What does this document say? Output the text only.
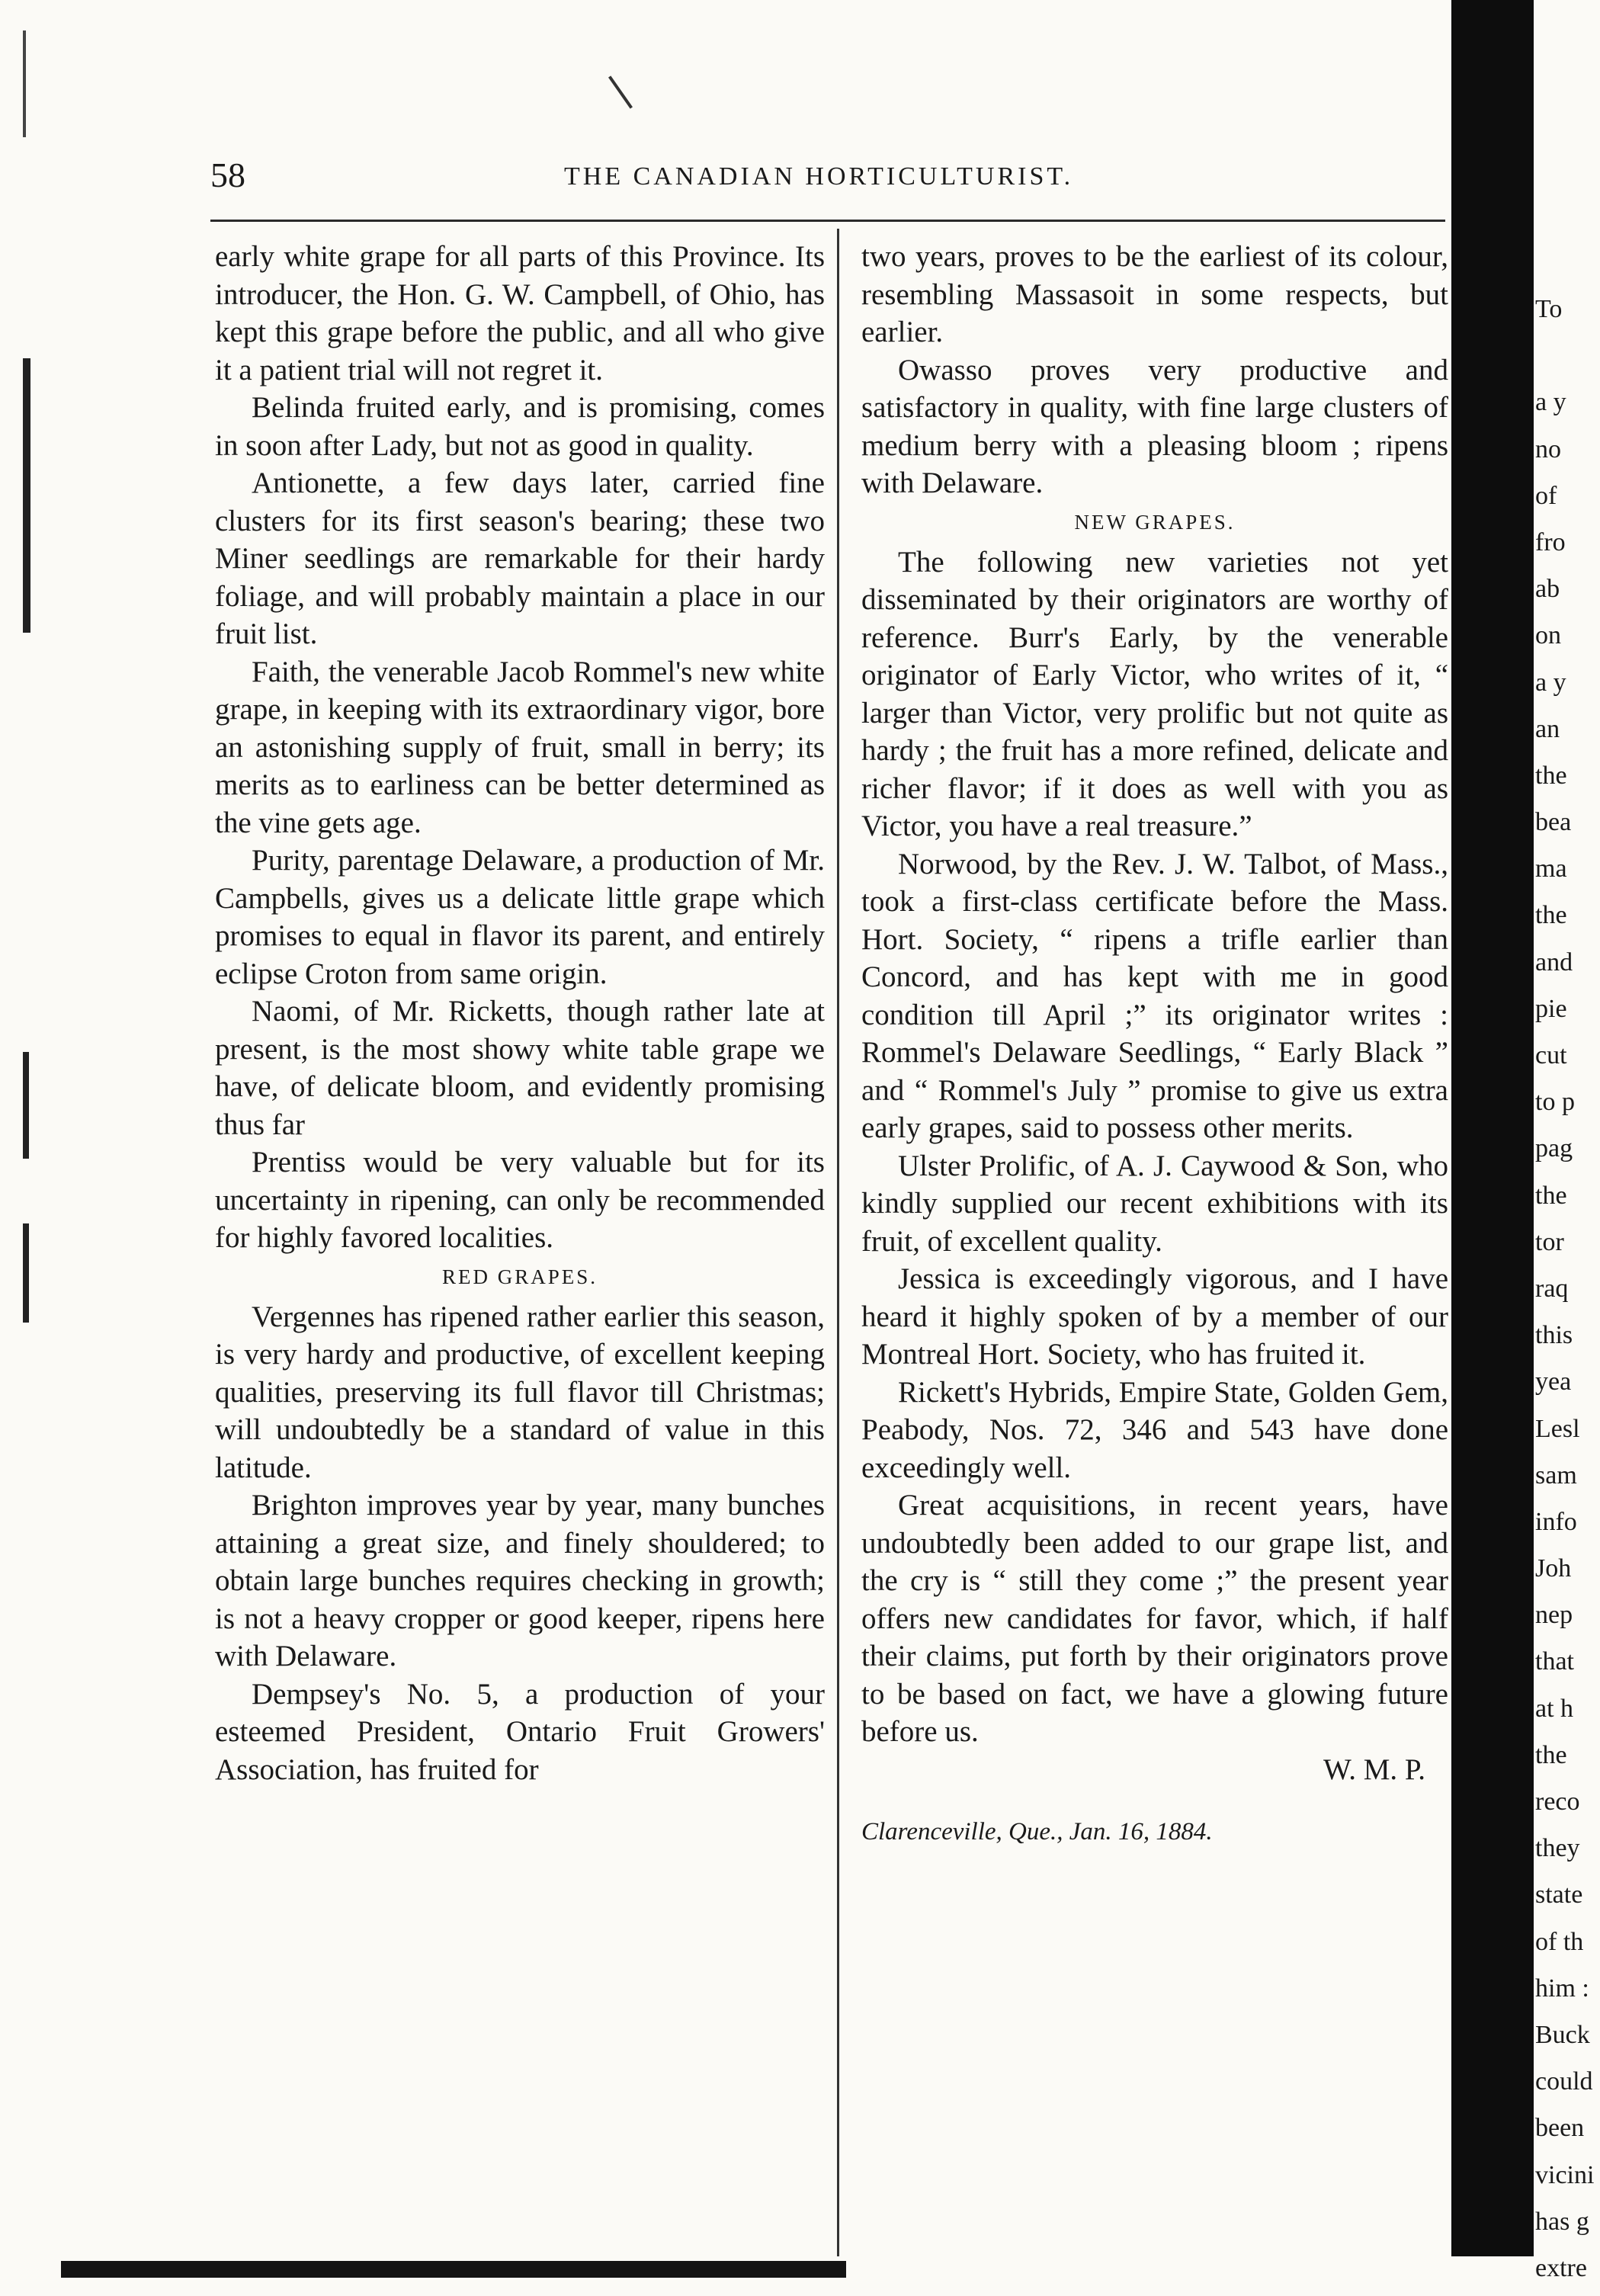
58	THE CANADIAN HORTICULTURIST.

early white grape for all parts of this Province. Its introducer, the Hon. G. W. Campbell, of Ohio, has kept this grape before the public, and all who give it a patient trial will not regret it.

Belinda fruited early, and is promising, comes in soon after Lady, but not as good in quality.

Antionette, a few days later, carried fine clusters for its first season's bearing; these two Miner seedlings are remarkable for their hardy foliage, and will probably maintain a place in our fruit list.

Faith, the venerable Jacob Rommel's new white grape, in keeping with its extraordinary vigor, bore an astonishing supply of fruit, small in berry; its merits as to earliness can be better determined as the vine gets age.

Purity, parentage Delaware, a production of Mr. Campbells, gives us a delicate little grape which promises to equal in flavor its parent, and entirely eclipse Croton from same origin.

Naomi, of Mr. Ricketts, though rather late at present, is the most showy white table grape we have, of delicate bloom, and evidently promising thus far

Prentiss would be very valuable but for its uncertainty in ripening, can only be recommended for highly favored localities.

RED GRAPES.

Vergennes has ripened rather earlier this season, is very hardy and productive, of excellent keeping qualities, preserving its full flavor till Christmas; will undoubtedly be a standard of value in this latitude.

Brighton improves year by year, many bunches attaining a great size, and finely shouldered; to obtain large bunches requires checking in growth; is not a heavy cropper or good keeper, ripens here with Delaware.

Dempsey's No. 5, a production of your esteemed President, Ontario Fruit Growers' Association, has fruited for

two years, proves to be the earliest of its colour, resembling Massasoit in some respects, but earlier.

Owasso proves very productive and satisfactory in quality, with fine large clusters of medium berry with a pleasing bloom ; ripens with Delaware.

NEW GRAPES.

The following new varieties not yet disseminated by their originators are worthy of reference. Burr's Early, by the venerable originator of Early Victor, who writes of it, “ larger than Victor, very prolific but not quite as hardy ; the fruit has a more refined, delicate and richer flavor; if it does as well with you as Victor, you have a real treasure.”

Norwood, by the Rev. J. W. Talbot, of Mass., took a first-class certificate before the Mass. Hort. Society, “ ripens a trifle earlier than Concord, and has kept with me in good condition till April ;” its originator writes : Rommel's Delaware Seedlings, “ Early Black ” and “ Rommel's July ” promise to give us extra early grapes, said to possess other merits.

Ulster Prolific, of A. J. Caywood & Son, who kindly supplied our recent exhibitions with its fruit, of excellent quality.

Jessica is exceedingly vigorous, and I have heard it highly spoken of by a member of our Montreal Hort. Society, who has fruited it.

Rickett's Hybrids, Empire State, Golden Gem, Peabody, Nos. 72, 346 and 543 have done exceedingly well.

Great acquisitions, in recent years, have undoubtedly been added to our grape list, and the cry is “ still they come ;” the present year offers new candidates for favor, which, if half their claims, put forth by their originators prove to be based on fact, we have a glowing future before us.

W. M. P.

Clarenceville, Que., Jan. 16, 1884.

To
a y
no
of
fro
ab
on
a y
an
the
bea
ma
the
and
pie
cut
to p
pag
the
tor
raq
this
yea
Lesl
sam
info
Joh
nep
that
at h
the
reco
they
state
of th
him :
Buck
could
been
vicini
has g
extre
